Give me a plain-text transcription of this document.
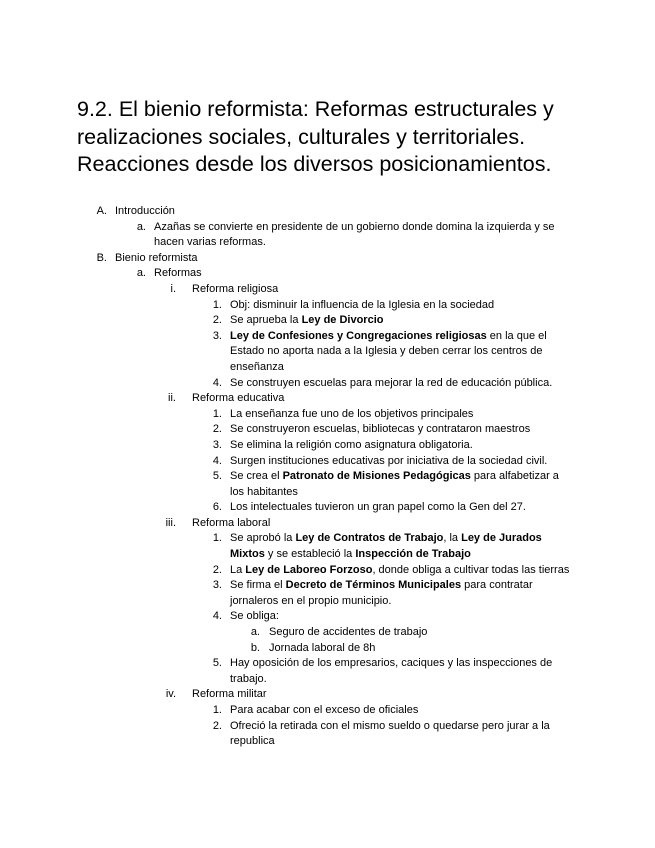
9.2. El bienio reformista: Reformas estructurales y realizaciones sociales, culturales y territoriales. Reacciones desde los diversos posicionamientos.
A. Introducción
a. Azañas se convierte en presidente de un gobierno donde domina la izquierda y se hacen varias reformas.
B. Bienio reformista
a. Reformas
i. Reforma religiosa
1. Obj: disminuir la influencia de la Iglesia en la sociedad
2. Se aprueba la Ley de Divorcio
3. Ley de Confesiones y Congregaciones religiosas en la que el Estado no aporta nada a la Iglesia y deben cerrar los centros de enseñanza
4. Se construyen escuelas para mejorar la red de educación pública.
ii. Reforma educativa
1. La enseñanza fue uno de los objetivos principales
2. Se construyeron escuelas, bibliotecas y contrataron maestros
3. Se elimina la religión como asignatura obligatoria.
4. Surgen instituciones educativas por iniciativa de la sociedad civil.
5. Se crea el Patronato de Misiones Pedagógicas para alfabetizar a los habitantes
6. Los intelectuales tuvieron un gran papel como la Gen del 27.
iii. Reforma laboral
1. Se aprobó la Ley de Contratos de Trabajo, la Ley de Jurados Mixtos y se estableció la Inspección de Trabajo
2. La Ley de Laboreo Forzoso, donde obliga a cultivar todas las tierras
3. Se firma el Decreto de Términos Municipales para contratar jornaleros en el propio municipio.
4. Se obliga:
a. Seguro de accidentes de trabajo
b. Jornada laboral de 8h
5. Hay oposición de los empresarios, caciques y las inspecciones de trabajo.
iv. Reforma militar
1. Para acabar con el exceso de oficiales
2. Ofreció la retirada con el mismo sueldo o quedarse pero jurar a la republica
